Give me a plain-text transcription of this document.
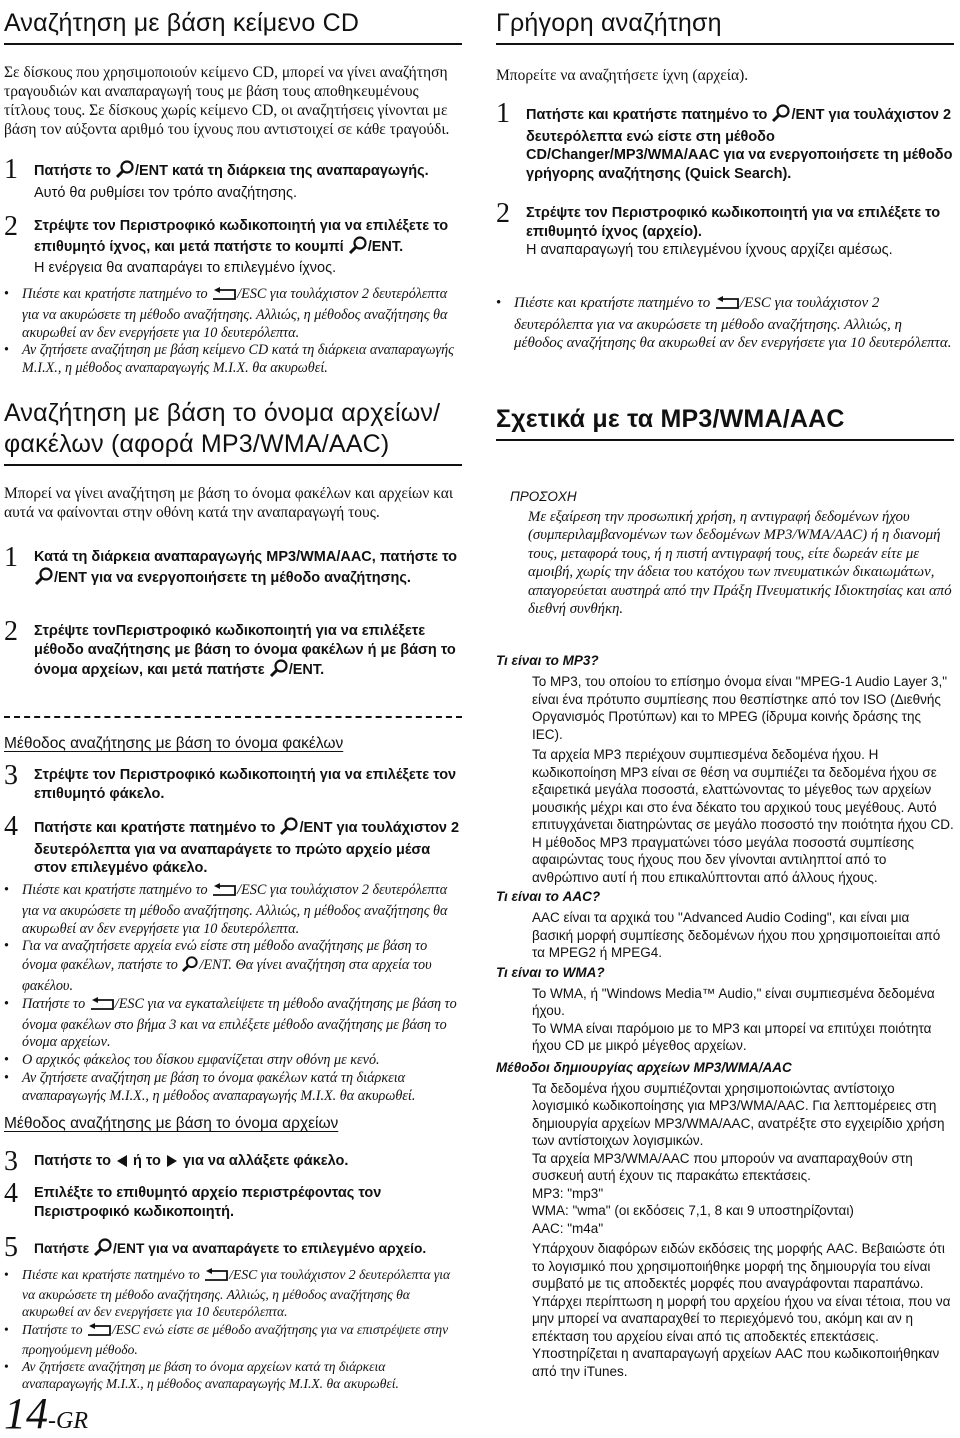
Αναζήτηση με βάση κείμενο CD

Σε δίσκους που χρησιμοποιούν κείμενο CD, μπορεί να γίνει αναζήτηση τραγουδιών και αναπαραγωγή τους με βάση τους αποθηκευμένους τίτλους τους. Σε δίσκους χωρίς κείμενο CD, οι αναζητήσεις γίνονται με βάση τον αύξοντα αριθμό του ίχνους που αντιστοιχεί σε κάθε τραγούδι.

1 Πατήστε το /ENT κατά τη διάρκεια της αναπαραγωγής.
Αυτό θα ρυθμίσει τον τρόπο αναζήτησης.
2 Στρέψτε τον Περιστροφικό κωδικοποιητή για να επιλέξετε το επιθυμητό ίχνος, και μετά πατήστε το κουμπί /ENT.
Η ενέργεια θα αναπαράγει το επιλεγμένο ίχνος.
• Πιέστε και κρατήστε πατημένο το /ESC για τουλάχιστον 2 δευτερόλεπτα για να ακυρώσετε τη μέθοδο αναζήτησης. Αλλιώς, η μέθοδος αναζήτησης θα ακυρωθεί αν δεν ενεργήσετε για 10 δευτερόλεπτα.
• Αν ζητήσετε αναζήτηση με βάση κείμενο CD κατά τη διάρκεια αναπαραγωγής M.I.X., η μέθοδος αναπαραγωγής M.I.X. θα ακυρωθεί.
Αναζήτηση με βάση το όνομα αρχείων/
φακέλων (αφορά MP3/WMA/AAC)

Μπορεί να γίνει αναζήτηση με βάση το όνομα φακέλων και αρχείων και αυτά να φαίνονται στην οθόνη κατά την αναπαραγωγή τους.

1 Κατά τη διάρκεια αναπαραγωγής MP3/WMA/AAC, πατήστε το /ENT για να ενεργοποιήσετε τη μέθοδο αναζήτησης.
2 Στρέψτε τονΠεριστροφικό κωδικοποιητή για να επιλέξετε μέθοδο αναζήτησης με βάση το όνομα φακέλων ή με βάση το όνομα αρχείων, και μετά πατήστε /ENT.
Μέθοδος αναζήτησης με βάση το όνομα φακέλων
3 Στρέψτε τον Περιστροφικό κωδικοποιητή για να επιλέξετε τον επιθυμητό φάκελο.
4 Πατήστε και κρατήστε πατημένο το /ENT για τουλάχιστον 2 δευτερόλεπτα για να αναπαράγετε το πρώτο αρχείο μέσα στον επιλεγμένο φάκελο.
• Πιέστε και κρατήστε πατημένο το /ESC για τουλάχιστον 2 δευτερόλεπτα για να ακυρώσετε τη μέθοδο αναζήτησης. Αλλιώς, η μέθοδος αναζήτησης θα ακυρωθεί αν δεν ενεργήσετε για 10 δευτερόλεπτα.
• Για να αναζητήσετε αρχεία ενώ είστε στη μέθοδο αναζήτησης με βάση το όνομα φακέλων, πατήστε το /ENT. Θα γίνει αναζήτηση στα αρχεία του φακέλου.
• Πατήστε το /ESC για να εγκαταλείψετε τη μέθοδο αναζήτησης με βάση το όνομα φακέλων στο βήμα 3 και να επιλέξετε μέθοδο αναζήτησης με βάση το όνομα αρχείων.
• Ο αρχικός φάκελος του δίσκου εμφανίζεται στην οθόνη με κενό.
• Αν ζητήσετε αναζήτηση με βάση το όνομα φακέλων κατά τη διάρκεια αναπαραγωγής M.I.X., η μέθοδος αναπαραγωγής M.I.X. θα ακυρωθεί.
Μέθοδος αναζήτησης με βάση το όνομα αρχείων
3 Πατήστε το  ή το  για να αλλάξετε φάκελο.
4 Επιλέξτε το επιθυμητό αρχείο περιστρέφοντας τον Περιστροφικό κωδικοποιητή.
5 Πατήστε /ENT για να αναπαράγετε το επιλεγμένο αρχείο.
• Πιέστε και κρατήστε πατημένο το /ESC για τουλάχιστον 2 δευτερόλεπτα για να ακυρώσετε τη μέθοδο αναζήτησης. Αλλιώς, η μέθοδος αναζήτησης θα ακυρωθεί αν δεν ενεργήσετε για 10 δευτερόλεπτα.
• Πατήστε το /ESC ενώ είστε σε μέθοδο αναζήτησης για να επιστρέψετε στην προηγούμενη μέθοδο.
• Αν ζητήσετε αναζήτηση με βάση το όνομα αρχείων κατά τη διάρκεια αναπαραγωγής M.I.X., η μέθοδος αναπαραγωγής M.I.X. θα ακυρωθεί.
14-GR
Γρήγορη αναζήτηση

Μπορείτε να αναζητήσετε ίχνη (αρχεία).

1 Πατήστε και κρατήστε πατημένο το /ENT για τουλάχιστον 2 δευτερόλεπτα ενώ είστε στη μέθοδο CD/Changer/MP3/WMA/AAC για να ενεργοποιήσετε τη μέθοδο γρήγορης αναζήτησης (Quick Search).
2 Στρέψτε τον Περιστροφικό κωδικοποιητή για να επιλέξετε το επιθυμητό ίχνος (αρχείο).
Η αναπαραγωγή του επιλεγμένου ίχνους αρχίζει αμέσως.
• Πιέστε και κρατήστε πατημένο το /ESC για τουλάχιστον 2 δευτερόλεπτα για να ακυρώσετε τη μέθοδο αναζήτησης. Αλλιώς, η μέθοδος αναζήτησης θα ακυρωθεί αν δεν ενεργήσετε για 10 δευτερόλεπτα.
Σχετικά με τα MP3/WMA/AAC
ΠΡΟΣΟΧΗ

Με εξαίρεση την προσωπική χρήση, η αντιγραφή δεδομένων ήχου (συμπεριλαμβανομένων των δεδομένων MP3/WMA/AAC) ή η διανομή τους, μεταφορά τους, ή η πιστή αντιγραφή τους, είτε δωρεάν είτε με αμοιβή, χωρίς την άδεια του κατόχου των πνευματικών δικαιωμάτων, απαγορεύεται αυστηρά από την Πράξη Πνευματικής Ιδιοκτησίας και από διεθνή συνθήκη.

Τι είναι το MP3?

Το MP3, του οποίου το επίσημο όνομα είναι "MPEG-1 Audio Layer 3," είναι ένα πρότυπο συμπίεσης που θεσπίστηκε από τον ISO (Διεθνής Οργανισμός Προτύπων) και το MPEG (ίδρυμα κοινής δράσης της IEC).

Τα αρχεία MP3 περιέχουν συμπιεσμένα δεδομένα ήχου. Η κωδικοποίηση MP3 είναι σε θέση να συμπιέζει τα δεδομένα ήχου σε εξαιρετικά μεγάλα ποσοστά, ελαττώνοντας το μέγεθος των αρχείων μουσικής μέχρι και στο ένα δέκατο του αρχικού τους μεγέθους. Αυτό επιτυγχάνεται διατηρώντας σε μεγάλο ποσοστό την ποιότητα ήχου CD. Η μέθοδος MP3 πραγματώνει τόσο μεγάλα ποσοστά συμπίεσης αφαιρώντας τους ήχους που δεν γίνονται αντιληπτοί από το ανθρώπινο αυτί ή που επικαλύπτονται από άλλους ήχους.

Τι είναι το AAC?

AAC είναι τα αρχικά του "Advanced Audio Coding", και είναι μια βασική μορφή συμπίεσης δεδομένων ήχου που χρησιμοποιείται από τα MPEG2 ή MPEG4.

Τι είναι το WMA?

Το WMA, ή "Windows Media™ Audio," είναι συμπιεσμένα δεδομένα ήχου.

Το WMA είναι παρόμοιο με το MP3 και μπορεί να επιτύχει ποιότητα ήχου CD με μικρό μέγεθος αρχείων.

Μέθοδοι δημιουργίας αρχείων MP3/WMA/AAC

Τα δεδομένα ήχου συμπιέζονται χρησιμοποιώντας αντίστοιχο λογισμικό κωδικοποίησης για MP3/WMA/AAC. Για λεπτομέρειες στη δημιουργία αρχείων MP3/WMA/AAC, ανατρέξτε στο εγχειρίδιο χρήση των αντίστοιχων λογισμικών.

Τα αρχεία MP3/WMA/AAC που μπορούν να αναπαραχθούν στη συσκευή αυτή έχουν τις παρακάτω επεκτάσεις.

MP3: "mp3"

WMA: "wma" (οι εκδόσεις 7,1, 8 και 9 υποστηρίζονται)

AAC: "m4a"

Υπάρχουν διαφόρων ειδών εκδόσεις της μορφής AAC. Βεβαιώστε ότι το λογισμικό που χρησιμοποιήθηκε μορφή της δημιουργία του είναι συμβατό με τις αποδεκτές μορφές που αναγράφονται παραπάνω. Υπάρχει περίπτωση η μορφή του αρχείου ήχου να είναι τέτοια, που να μην μπορεί να αναπαραχθεί το περιεχόμενό του, ακόμη και αν η επέκταση του αρχείου είναι από τις αποδεκτές επεκτάσεις.

Υποστηρίζεται η αναπαραγωγή αρχείων AAC που κωδικοποιήθηκαν από την iTunes.
